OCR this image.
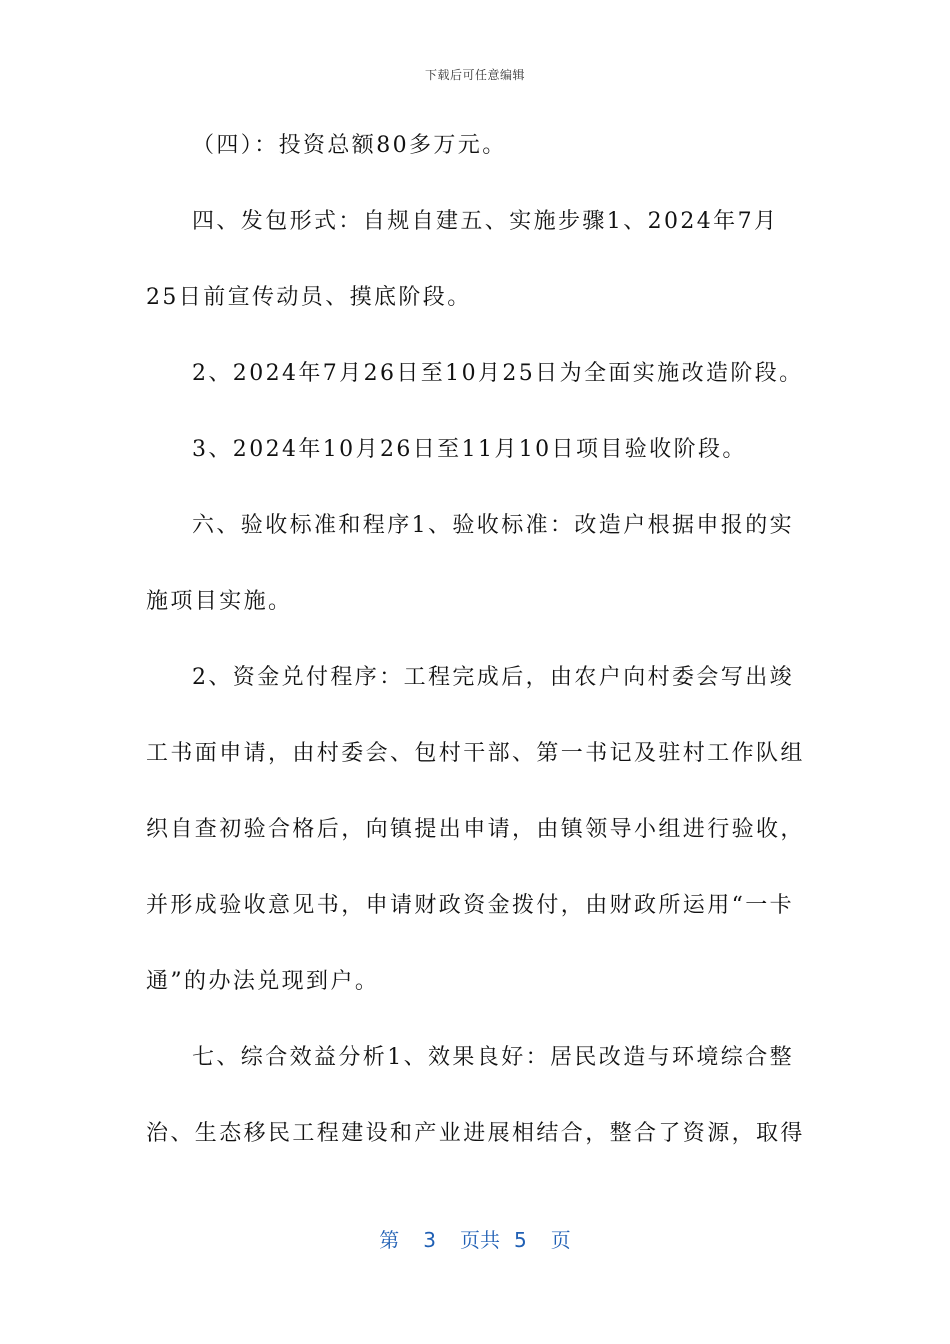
下载后可任意编辑

（四）：投资总额80多万元。

四、发包形式：自规自建五、实施步骤1、2024年7月25日前宣传动员、摸底阶段。

2、2024年7月26日至10月25日为全面实施改造阶段。

3、2024年10月26日至11月10日项目验收阶段。

六、验收标准和程序1、验收标准：改造户根据申报的实施项目实施。

2、资金兑付程序：工程完成后，由农户向村委会写出竣工书面申请，由村委会、包村干部、第一书记及驻村工作队组织自查初验合格后，向镇提出申请，由镇领导小组进行验收，并形成验收意见书，申请财政资金拨付，由财政所运用“一卡通”的办法兑现到户。

七、综合效益分析1、效果良好：居民改造与环境综合整治、生态移民工程建设和产业进展相结合，整合了资源，取得

第 3 页共 5 页
